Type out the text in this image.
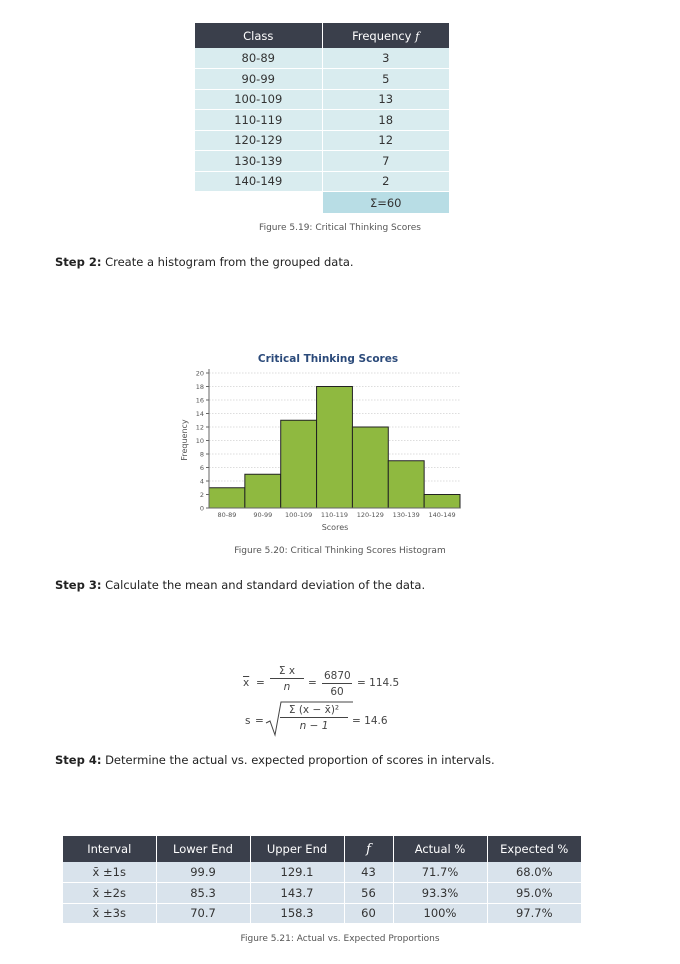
Class	Frequency f
80-89	3
90-99	5
100-109	13
110-119	18
120-129	12
130-139	7
140-149	2
	Σ=60
Figure 5.19: Critical Thinking Scores
Step 2: Create a histogram from the grouped data.
Critical Thinking Scores
0
2
4
6
8
10
12
14
16
18
20
80-89	90-99 100-109 110-119 120-129 130-139 140-149
Frequency
Scores
Figure 5.20: Critical Thinking Scores Histogram
Step 3: Calculate the mean and standard deviation of the data.
$\overline{x} = \frac{\text{Σ x}}{n} = \frac{6870}{60} = 114.5$
$s = \frac{\text{Σ (x − x̄)²}}{n - 1} = 14.6$
Step 4: Determine the actual vs. expected proportion of scores in intervals.
Interval	Lower End	Upper End	f	Actual %	Expected %
x̄ ±1s	99.9	129.1	43	71.7%	68.0%
x̄ ±2s	85.3	143.7	56	93.3%	95.0%
x̄ ±3s	70.7	158.3	60	100%	97.7%
Figure 5.21: Actual vs. Expected Proportions
